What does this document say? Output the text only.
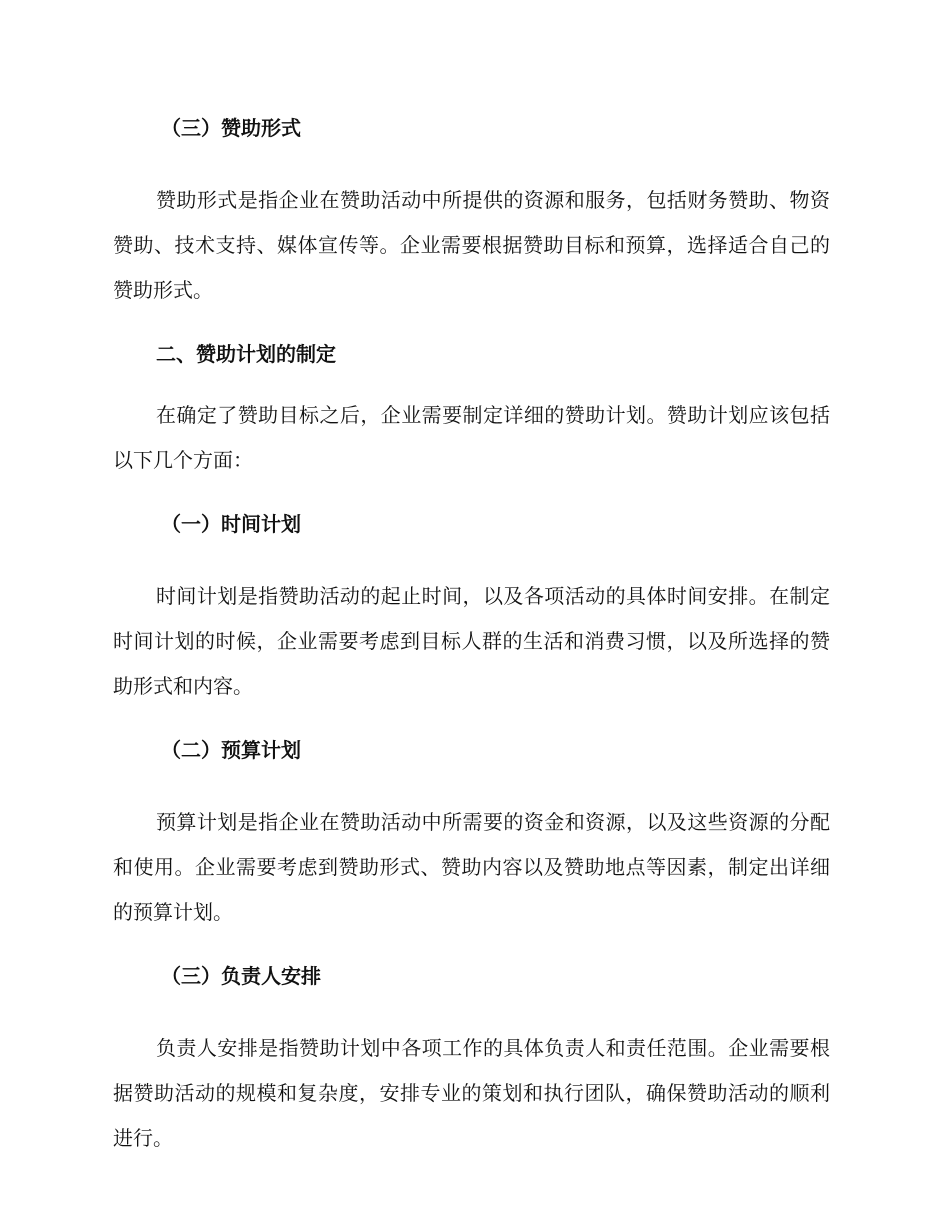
（三）赞助形式
赞助形式是指企业在赞助活动中所提供的资源和服务，包括财务赞助、物资赞助、技术支持、媒体宣传等。企业需要根据赞助目标和预算，选择适合自己的赞助形式。
二、赞助计划的制定
在确定了赞助目标之后，企业需要制定详细的赞助计划。赞助计划应该包括以下几个方面：
（一）时间计划
时间计划是指赞助活动的起止时间，以及各项活动的具体时间安排。在制定时间计划的时候，企业需要考虑到目标人群的生活和消费习惯，以及所选择的赞助形式和内容。
（二）预算计划
预算计划是指企业在赞助活动中所需要的资金和资源，以及这些资源的分配和使用。企业需要考虑到赞助形式、赞助内容以及赞助地点等因素，制定出详细的预算计划。
（三）负责人安排
负责人安排是指赞助计划中各项工作的具体负责人和责任范围。企业需要根据赞助活动的规模和复杂度，安排专业的策划和执行团队，确保赞助活动的顺利进行。
